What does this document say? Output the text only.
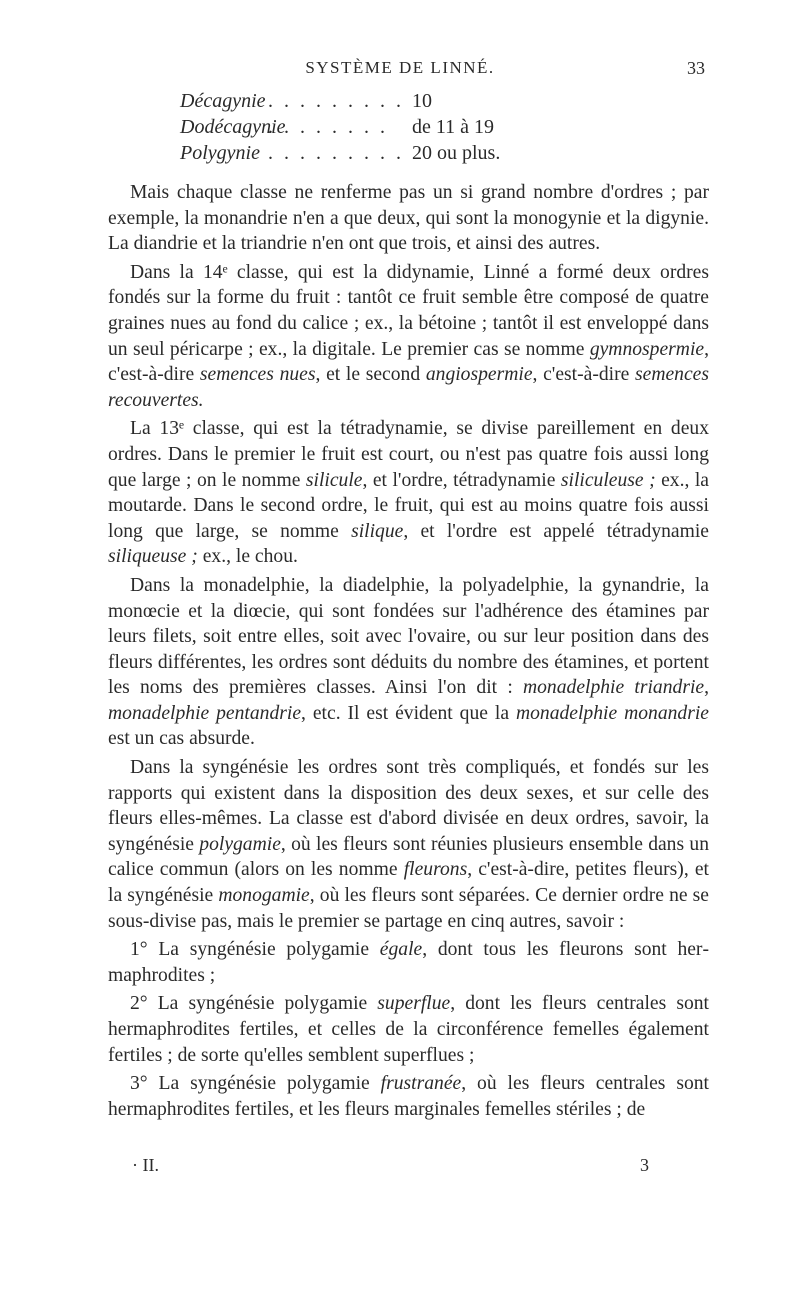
SYSTÈME DE LINNÉ.	33
Décagynie . . . . . . . . . 10
Dodécagynie
. . . . . . . . de 11 à 19
Polygynie . . . . . . . . . 20 ou plus.

Mais chaque classe ne renferme pas un si grand nombre d'ordres ; par exemple, la monandrie n'en a que deux, qui sont la monogynie et la digynie. La diandrie et la triandrie n'en ont que trois, et ainsi des autres.

Dans la 14ᵉ classe, qui est la didynamie, Linné a formé deux ordres fondés sur la forme du fruit : tantôt ce fruit semble être composé de quatre graines nues au fond du calice ; ex., la bétoine ; tantôt il est enveloppé dans un seul péricarpe ; ex., la digitale. Le premier cas se nomme gymnospermie, c'est-à-dire semences nues, et le second angiospermie, c'est-à-dire semences recouvertes.

La 13ᵉ classe, qui est la tétradynamie, se divise pareillement en deux ordres. Dans le premier le fruit est court, ou n'est pas quatre fois aussi long que large ; on le nomme silicule, et l'ordre, tétradynamie siliculeuse ; ex., la moutarde. Dans le second ordre, le fruit, qui est au moins quatre fois aussi long que large, se nomme silique, et l'ordre est appelé tétradynamie siliqueuse ; ex., le chou.

Dans la monadelphie, la diadelphie, la polyadelphie, la gynandrie, la monœcie et la diœcie, qui sont fondées sur l'adhérence des étamines par leurs filets, soit entre elles, soit avec l'ovaire, ou sur leur position dans des fleurs différentes, les ordres sont déduits du nombre des étamines, et portent les noms des premières classes. Ainsi l'on dit : monadelphie triandrie, monadelphie pentandrie, etc. Il est évident que la monadelphie monandrie est un cas absurde.

Dans la syngénésie les ordres sont très compliqués, et fondés sur les rapports qui existent dans la disposition des deux sexes, et sur celle des fleurs elles-mêmes. La classe est d'abord divisée en deux ordres, savoir, la syngénésie polygamie, où les fleurs sont réunies plusieurs ensemble dans un calice commun (alors on les nomme fleurons, c'est-à-dire, petites fleurs), et la syngénésie monogamie, où les fleurs sont séparées. Ce dernier ordre ne se sous-divise pas, mais le premier se partage en cinq autres, savoir :

1° La syngénésie polygamie égale, dont tous les fleurons sont hermaphrodites ;

2° La syngénésie polygamie superflue, dont les fleurs centrales sont hermaphrodites fertiles, et celles de la circonférence femelles également fertiles ; de sorte qu'elles semblent superflues ;

3° La syngénésie polygamie frustranée, où les fleurs centrales sont hermaphrodites fertiles, et les fleurs marginales femelles stériles ; de

· II.	3
